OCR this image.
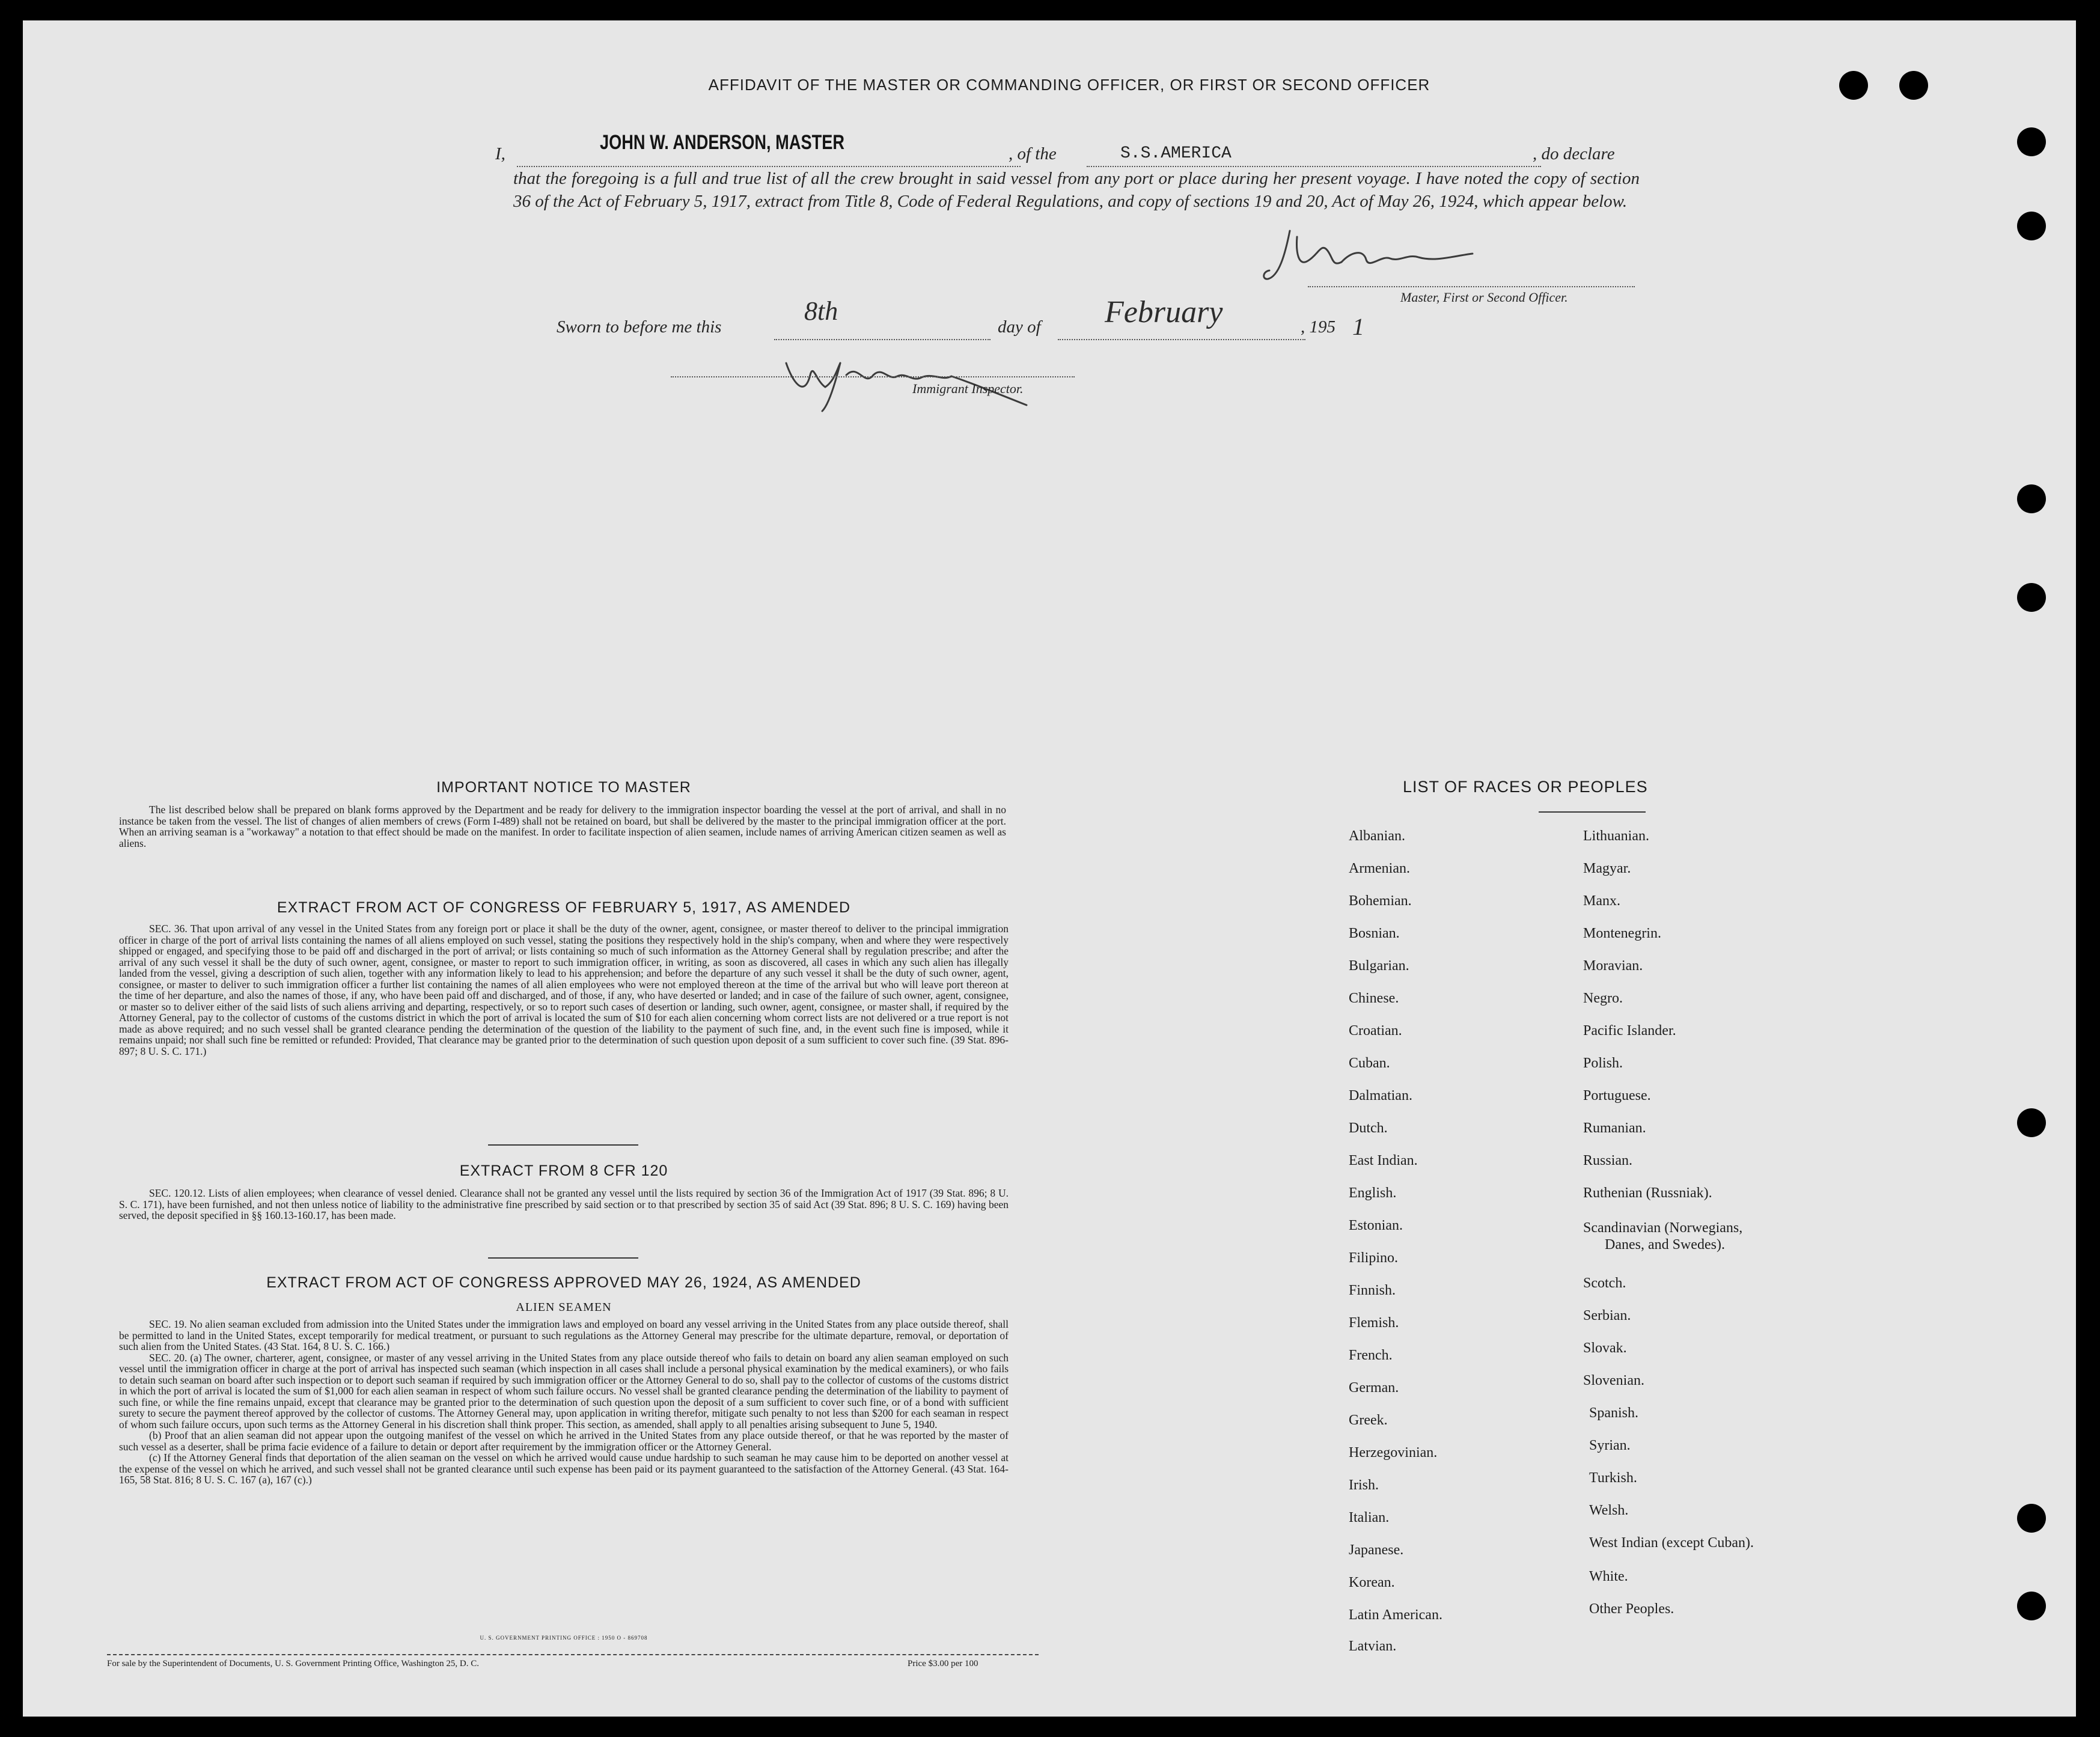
AFFIDAVIT OF THE MASTER OR COMMANDING OFFICER, OR FIRST OR SECOND OFFICER
I,	JOHN W. ANDERSON, MASTER	, of the	S.S.AMERICA	, do declare

that the foregoing is a full and true list of all the crew brought in said vessel from any port or place during her present voyage. I have noted the copy of section 36 of the Act of February 5, 1917, extract from Title 8, Code of Federal Regulations, and copy of sections 19 and 20, Act of May 26, 1924, which appear below.

Master, First or Second Officer.
Sworn to before me this
8th
day of February	, 195 1
Immigrant Inspector.
IMPORTANT NOTICE TO MASTER

The list described below shall be prepared on blank forms approved by the Department and be ready for delivery to the immigration inspector boarding the vessel at the port of arrival, and shall in no instance be taken from the vessel. The list of changes of alien members of crews (Form I-489) shall not be retained on board, but shall be delivered by the master to the principal immigration officer at the port. When an arriving seaman is a "workaway" a notation to that effect should be made on the manifest. In order to facilitate inspection of alien seamen, include names of arriving American citizen seamen as well as aliens.

EXTRACT FROM ACT OF CONGRESS OF FEBRUARY 5, 1917, AS AMENDED

SEC. 36. That upon arrival of any vessel in the United States from any foreign port or place it shall be the duty of the owner, agent, consignee, or master thereof to deliver to the principal immigration officer in charge of the port of arrival lists containing the names of all aliens employed on such vessel, stating the positions they respectively hold in the ship's company, when and where they were respectively shipped or engaged, and specifying those to be paid off and discharged in the port of arrival; or lists containing so much of such information as the Attorney General shall by regulation prescribe; and after the arrival of any such vessel it shall be the duty of such owner, agent, consignee, or master to report to such immigration officer, in writing, as soon as discovered, all cases in which any such alien has illegally landed from the vessel, giving a description of such alien, together with any information likely to lead to his apprehension; and before the departure of any such vessel it shall be the duty of such owner, agent, consignee, or master to deliver to such immigration officer a further list containing the names of all alien employees who were not employed thereon at the time of the arrival but who will leave port thereon at the time of her departure, and also the names of those, if any, who have been paid off and discharged, and of those, if any, who have deserted or landed; and in case of the failure of such owner, agent, consignee, or master so to deliver either of the said lists of such aliens arriving and departing, respectively, or so to report such cases of desertion or landing, such owner, agent, consignee, or master shall, if required by the Attorney General, pay to the collector of customs of the customs district in which the port of arrival is located the sum of $10 for each alien concerning whom correct lists are not delivered or a true report is not made as above required; and no such vessel shall be granted clearance pending the determination of the question of the liability to the payment of such fine, and, in the event such fine is imposed, while it remains unpaid; nor shall such fine be remitted or refunded: Provided, That clearance may be granted prior to the determination of such question upon deposit of a sum sufficient to cover such fine. (39 Stat. 896-897; 8 U. S. C. 171.)

EXTRACT FROM 8 CFR 120

SEC. 120.12. Lists of alien employees; when clearance of vessel denied. Clearance shall not be granted any vessel until the lists required by section 36 of the Immigration Act of 1917 (39 Stat. 896; 8 U. S. C. 171), have been furnished, and not then unless notice of liability to the administrative fine prescribed by said section or to that prescribed by section 35 of said Act (39 Stat. 896; 8 U. S. C. 169) having been served, the deposit specified in §§ 160.13-160.17, has been made.

EXTRACT FROM ACT OF CONGRESS APPROVED MAY 26, 1924, AS AMENDED
ALIEN SEAMEN

SEC. 19. No alien seaman excluded from admission into the United States under the immigration laws and employed on board any vessel arriving in the United States from any place outside thereof, shall be permitted to land in the United States, except temporarily for medical treatment, or pursuant to such regulations as the Attorney General may prescribe for the ultimate departure, removal, or deportation of such alien from the United States. (43 Stat. 164, 8 U. S. C. 166.)

SEC. 20. (a) The owner, charterer, agent, consignee, or master of any vessel arriving in the United States from any place outside thereof who fails to detain on board any alien seaman employed on such vessel until the immigration officer in charge at the port of arrival has inspected such seaman (which inspection in all cases shall include a personal physical examination by the medical examiners), or who fails to detain such seaman on board after such inspection or to deport such seaman if required by such immigration officer or the Attorney General to do so, shall pay to the collector of customs of the customs district in which the port of arrival is located the sum of $1,000 for each alien seaman in respect of whom such failure occurs. No vessel shall be granted clearance pending the determination of the liability to payment of such fine, or while the fine remains unpaid, except that clearance may be granted prior to the determination of such question upon the deposit of a sum sufficient to cover such fine, or of a bond with sufficient surety to secure the payment thereof approved by the collector of customs. The Attorney General may, upon application in writing therefor, mitigate such penalty to not less than $200 for each seaman in respect of whom such failure occurs, upon such terms as the Attorney General in his discretion shall think proper. This section, as amended, shall apply to all penalties arising subsequent to June 5, 1940.

(b) Proof that an alien seaman did not appear upon the outgoing manifest of the vessel on which he arrived in the United States from any place outside thereof, or that he was reported by the master of such vessel as a deserter, shall be prima facie evidence of a failure to detain or deport after requirement by the immigration officer or the Attorney General.

(c) If the Attorney General finds that deportation of the alien seaman on the vessel on which he arrived would cause undue hardship to such seaman he may cause him to be deported on another vessel at the expense of the vessel on which he arrived, and such vessel shall not be granted clearance until such expense has been paid or its payment guaranteed to the satisfaction of the Attorney General. (43 Stat. 164-165, 58 Stat. 816; 8 U. S. C. 167 (a), 167 (c).)

U. S. GOVERNMENT PRINTING OFFICE : 1950 O - 869708
For sale by the Superintendent of Documents, U. S. Government Printing Office, Washington 25, D. C.	Price $3.00 per 100
LIST OF RACES OR PEOPLES
Albanian.
Armenian.
Bohemian.
Bosnian.
Bulgarian.
Chinese.
Croatian.
Cuban.
Dalmatian.
Dutch.
East Indian.
English.
Estonian.
Filipino.
Finnish.
Flemish.
French.
German.
Greek.
Herzegovinian.
Irish.
Italian.
Japanese.
Korean.
Latin American.
Latvian.
Lithuanian.
Magyar.
Manx.
Montenegrin.
Moravian.
Negro.
Pacific Islander.
Polish.
Portuguese.
Rumanian.
Russian.
Ruthenian (Russniak).
Scandinavian (Norwegians,
Danes, and Swedes).
Scotch.
Serbian.
Slovak.
Slovenian.
Spanish.
Syrian.
Turkish.
Welsh.
West Indian (except Cuban).
White.
Other Peoples.
